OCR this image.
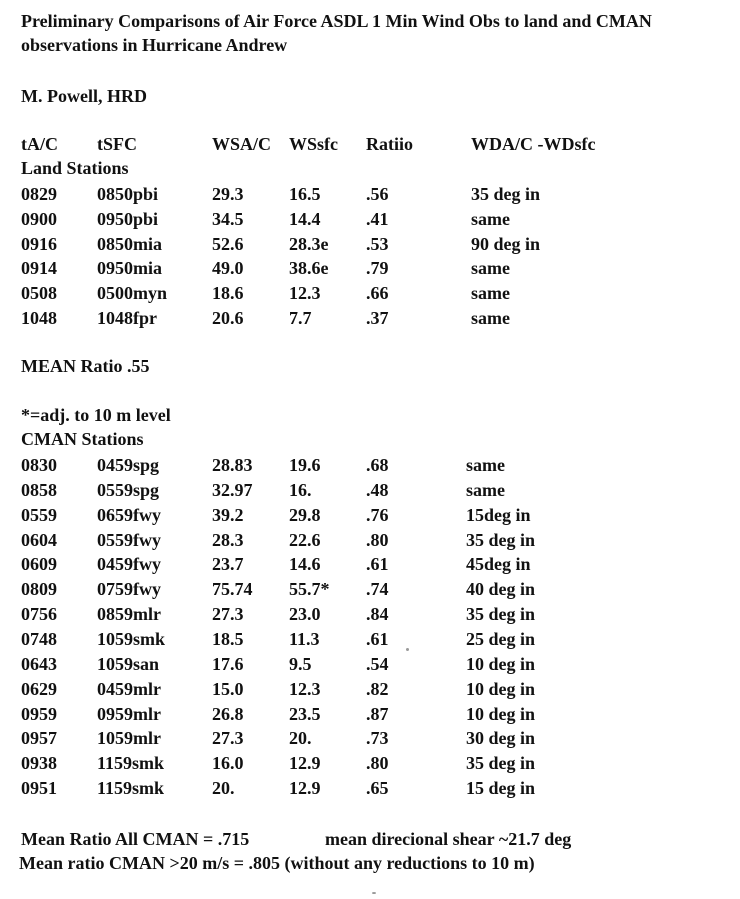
Preliminary Comparisons of Air Force ASDL 1 Min Wind Obs to land and CMAN
observations in Hurricane Andrew
M. Powell, HRD
tA/C tSFC	WSA/C WSsfc Ratiio	WDA/C -WDsfc
Land Stations
0829 0850pbi	29.3	16.5	.56	35 deg in
0900 0950pbi	34.5	14.4	.41	same
0916 0850mia	52.6	28.3e .53	90 deg in
0914 0950mia	49.0	38.6e .79	same
0508 0500myn 18.6	12.3	.66	same
1048 1048fpr	20.6	7.7	.37	same
MEAN Ratio .55
*=adj. to 10 m level
CMAN Stations
0830 0459spg	28.83 19.6	.68	same
0858 0559spg	32.97 16.	.48	same
0559 0659fwy	39.2	29.8	.76	15deg in
0604 0559fwy	28.3	22.6	.80	35 deg in
0609 0459fwy	23.7	14.6	.61	45deg in
0809 0759fwy	75.74 55.7* .74	40 deg in
0756 0859mlr	27.3	23.0	.84	35 deg in
0748 1059smk	18.5	11.3	.61	25 deg in
0643 1059san	17.6	9.5	.54	10 deg in
0629 0459mlr	15.0	12.3	.82	10 deg in
0959 0959mlr	26.8	23.5	.87	10 deg in
0957 1059mlr	27.3	20.	.73	30 deg in
0938 1159smk	16.0	12.9	.80	35 deg in
0951 1159smk	20.	12.9	.65	15 deg in
Mean Ratio All CMAN = .715	mean direcional shear ~21.7 deg
Mean ratio CMAN >20 m/s = .805 (without any reductions to 10 m)
